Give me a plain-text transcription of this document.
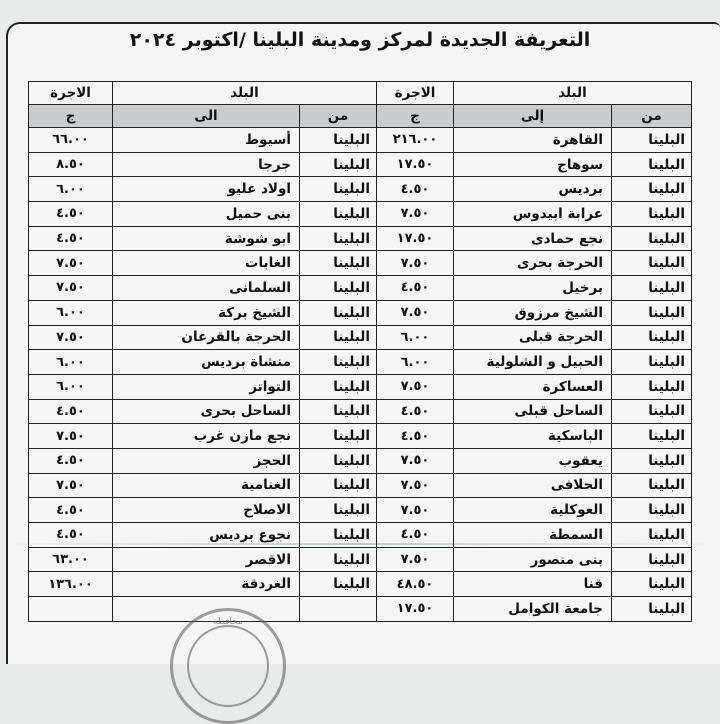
التعريفة الجديدة لمركز ومدينة البلينا /اكتوبر ٢٠٢٤
البلد		الاجرة	البلد		الاجرة
من	إلى	ج	من	الى	ج
البلينا	القاهرة	٢١٦.٠٠	البلينا	أسيوط	٦٦.٠٠
البلينا	سوهاج	١٧.٥٠	البلينا	جرجا	٨.٥٠
البلينا	برديس	٤.٥٠	البلينا	اولاد عليو	٦.٠٠
البلينا	عرابة ابيدوس	٧.٥٠	البلينا	بنى حميل	٤.٥٠
البلينا	نجع حمادى	١٧.٥٠	البلينا	ابو شوشة	٤.٥٠
البلينا	الحرجة بحرى	٧.٥٠	البلينا	الغابات	٧.٥٠
البلينا	برخيل	٤.٥٠	البلينا	السلمانى	٧.٥٠
البلينا	الشيخ مرزوق	٧.٥٠	البلينا	الشيخ بركة	٦.٠٠
البلينا	الحرجة قبلى	٦.٠٠	البلينا	الحرجة بالقرعان	٧.٥٠
البلينا	الحبيل و الشلولية	٦.٠٠	البلينا	منشاة برديس	٦.٠٠
البلينا	العساكرة	٧.٥٠	البلينا	التواتر	٦.٠٠
البلينا	الساحل قبلى	٤.٥٠	البلينا	الساحل بحرى	٤.٥٠
البلينا	الباسكية	٤.٥٠	البلينا	نجع مازن غرب	٧.٥٠
البلينا	يعقوب	٧.٥٠	البلينا	الحجز	٤.٥٠
البلينا	الحلافى	٧.٥٠	البلينا	الغنامية	٧.٥٠
البلينا	العوكلية	٧.٥٠	البلينا	الاصلاح	٤.٥٠
البلينا	السمطة	٤.٥٠	البلينا	نجوع برديس	٤.٥٠
البلينا	بنى منصور	٧.٥٠	البلينا	الاقصر	٦٣.٠٠
البلينا	قنا	٤٨.٥٠	البلينا	الغردقة	١٣٦.٠٠
البلينا	جامعة الكوامل	١٧.٥٠			
محافظة
